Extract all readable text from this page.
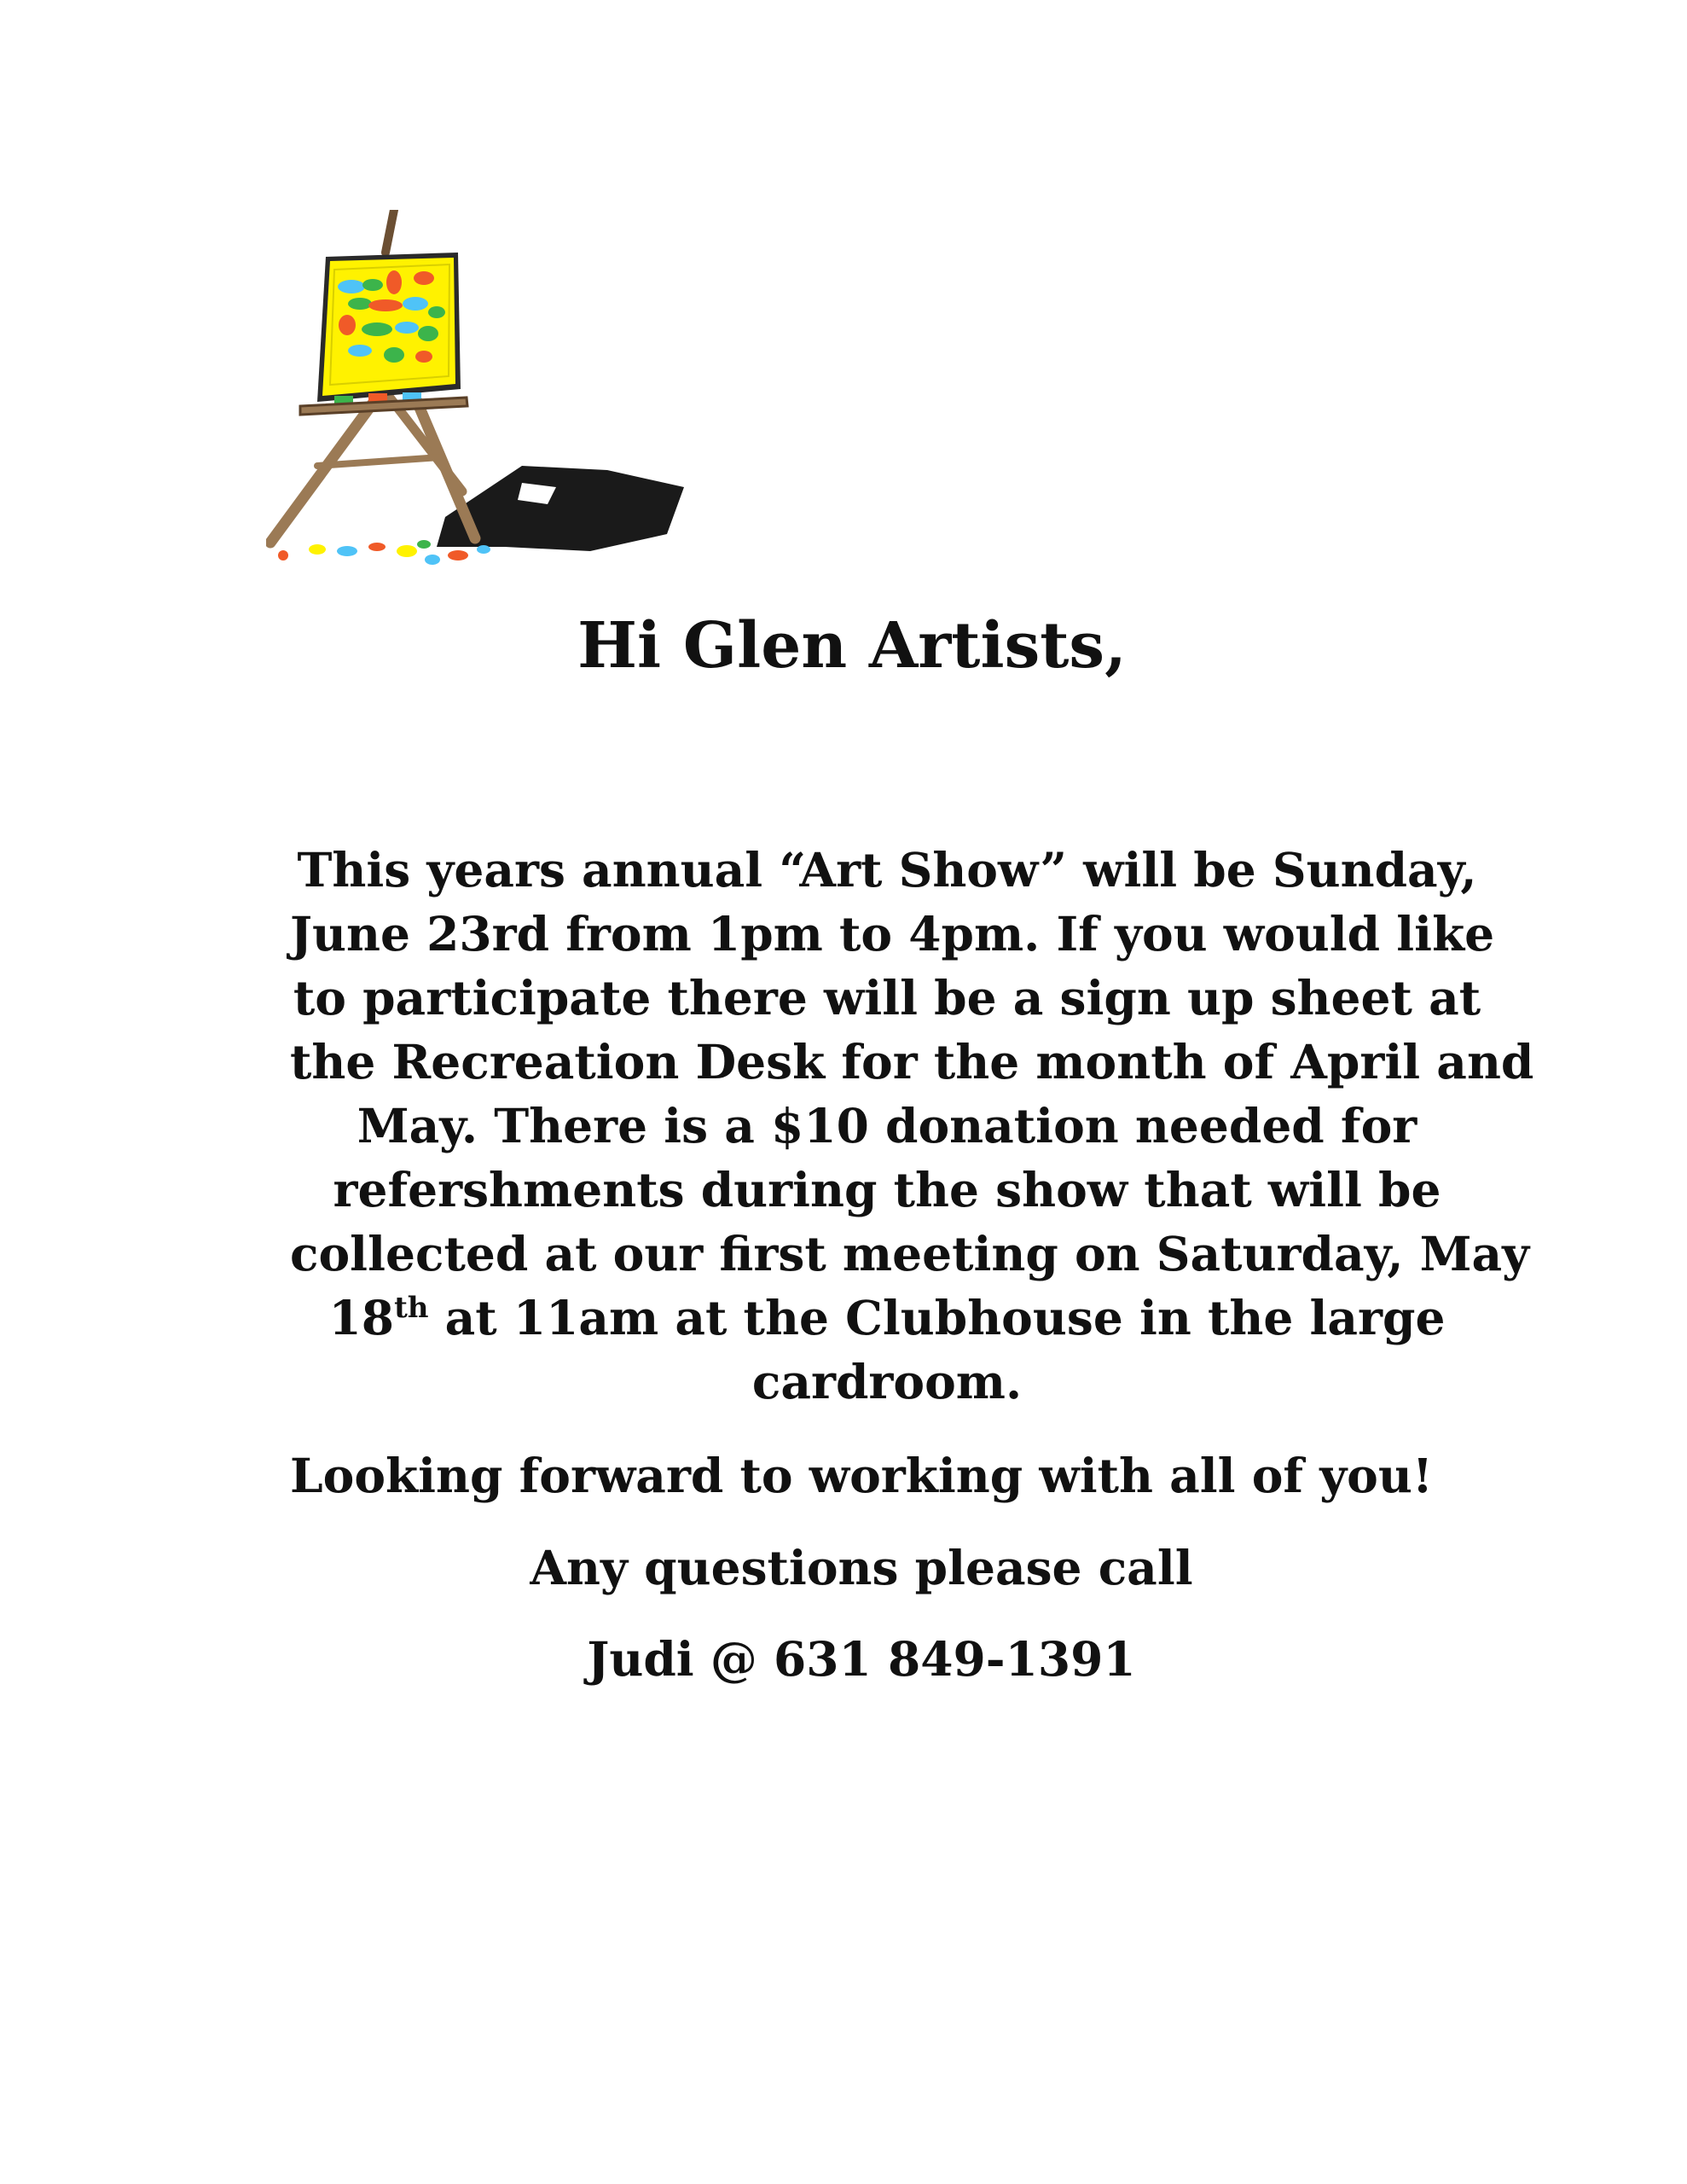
Hi Glen Artists,
This years annual “Art Show” will be Sunday,
June 23rd from 1pm to 4pm. If you would like
to participate there will be a sign up sheet at
the Recreation Desk for the month of April and
May. There is a $10 donation needed for
refershments during the show that will be
collected at our first meeting on Saturday, May
18th at 11am at the Clubhouse in the large
cardroom.
Looking forward to working with all of you!
Any questions please call
Judi @ 631 849-1391
